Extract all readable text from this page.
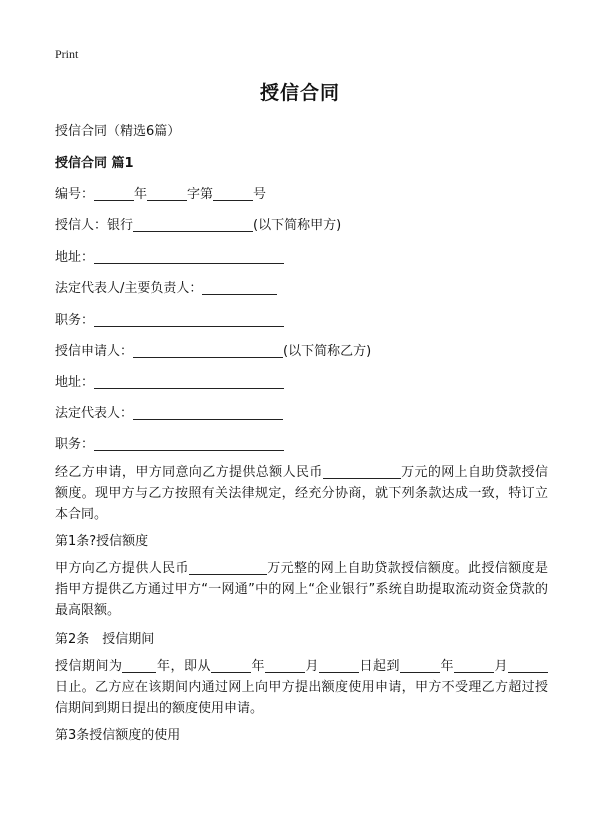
Print
授信合同
授信合同（精选6篇）
授信合同 篇1
编号：	年	字第	号
授信人：银行	(以下简称甲方)
地址：
法定代表人/主要负责人：
职务：
授信申请人：	(以下简称乙方)
地址：
法定代表人：
职务：
经乙方申请，甲方同意向乙方提供总额人民币	万元的网上自助贷款授信额度。现甲方与乙方按照有关法律规定，经充分协商，就下列条款达成一致，特订立本合同。
第1条?授信额度
甲方向乙方提供人民币	万元整的网上自助贷款授信额度。此授信额度是指甲方提供乙方通过甲方“一网通”中的网上“企业银行”系统自助提取流动资金贷款的最高限额。
第2条　授信期间
授信期间为	年，即从	年	月	日起到	年	月日止。乙方应在该期间内通过网上向甲方提出额度使用申请，甲方不受理乙方超过授信期间到期日提出的额度使用申请。
第3条授信额度的使用
